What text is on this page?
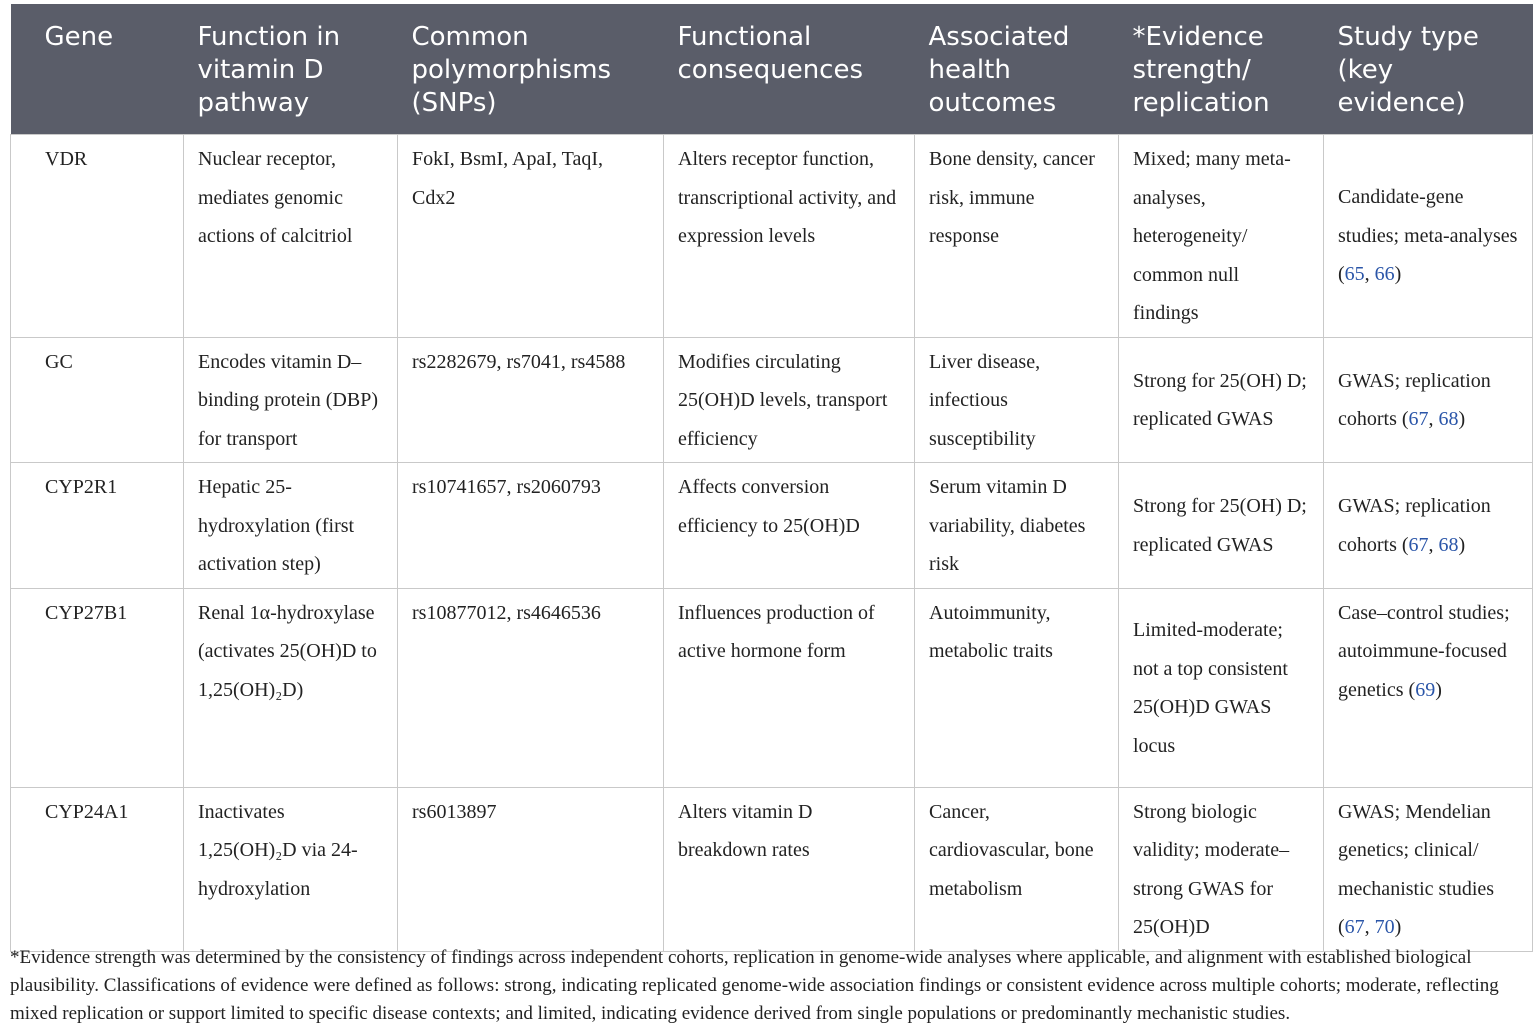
Gene	Function in vitamin D pathway	Common polymorphisms (SNPs)	Functional consequences	Associated health outcomes	*Evidence strength/ replication	Study type (key evidence)
VDR	Nuclear receptor, mediates genomic actions of calcitriol	FokI, BsmI, ApaI, TaqI, Cdx2	Alters receptor function, transcriptional activity, and expression levels	Bone density, cancer risk, immune response	Mixed; many meta-analyses, heterogeneity/ common null findings	Candidate-gene studies; meta-analyses (65, 66)
GC	Encodes vitamin D–binding protein (DBP) for transport	rs2282679, rs7041, rs4588	Modifies circulating 25(OH)D levels, transport efficiency	Liver disease, infectious susceptibility	Strong for 25(OH) D; replicated GWAS	GWAS; replication cohorts (67, 68)
CYP2R1	Hepatic 25-hydroxylation (first activation step)	rs10741657, rs2060793	Affects conversion efficiency to 25(OH)D	Serum vitamin D variability, diabetes risk	Strong for 25(OH) D; replicated GWAS	GWAS; replication cohorts (67, 68)
CYP27B1	Renal 1α-hydroxylase (activates 25(OH)D to 1,25(OH)₂D)	rs10877012, rs4646536	Influences production of active hormone form	Autoimmunity, metabolic traits	Limited-moderate; not a top consistent 25(OH)D GWAS locus	Case–control studies; autoimmune-focused genetics (69)
CYP24A1	Inactivates 1,25(OH)₂D via 24-hydroxylation	rs6013897	Alters vitamin D breakdown rates	Cancer, cardiovascular, bone metabolism	Strong biologic validity; moderate–strong GWAS for 25(OH)D	GWAS; Mendelian genetics; clinical/ mechanistic studies (67, 70)
*Evidence strength was determined by the consistency of findings across independent cohorts, replication in genome-wide analyses where applicable, and alignment with established biological plausibility. Classifications of evidence were defined as follows: strong, indicating replicated genome-wide association findings or consistent evidence across multiple cohorts; moderate, reflecting mixed replication or support limited to specific disease contexts; and limited, indicating evidence derived from single populations or predominantly mechanistic studies.
